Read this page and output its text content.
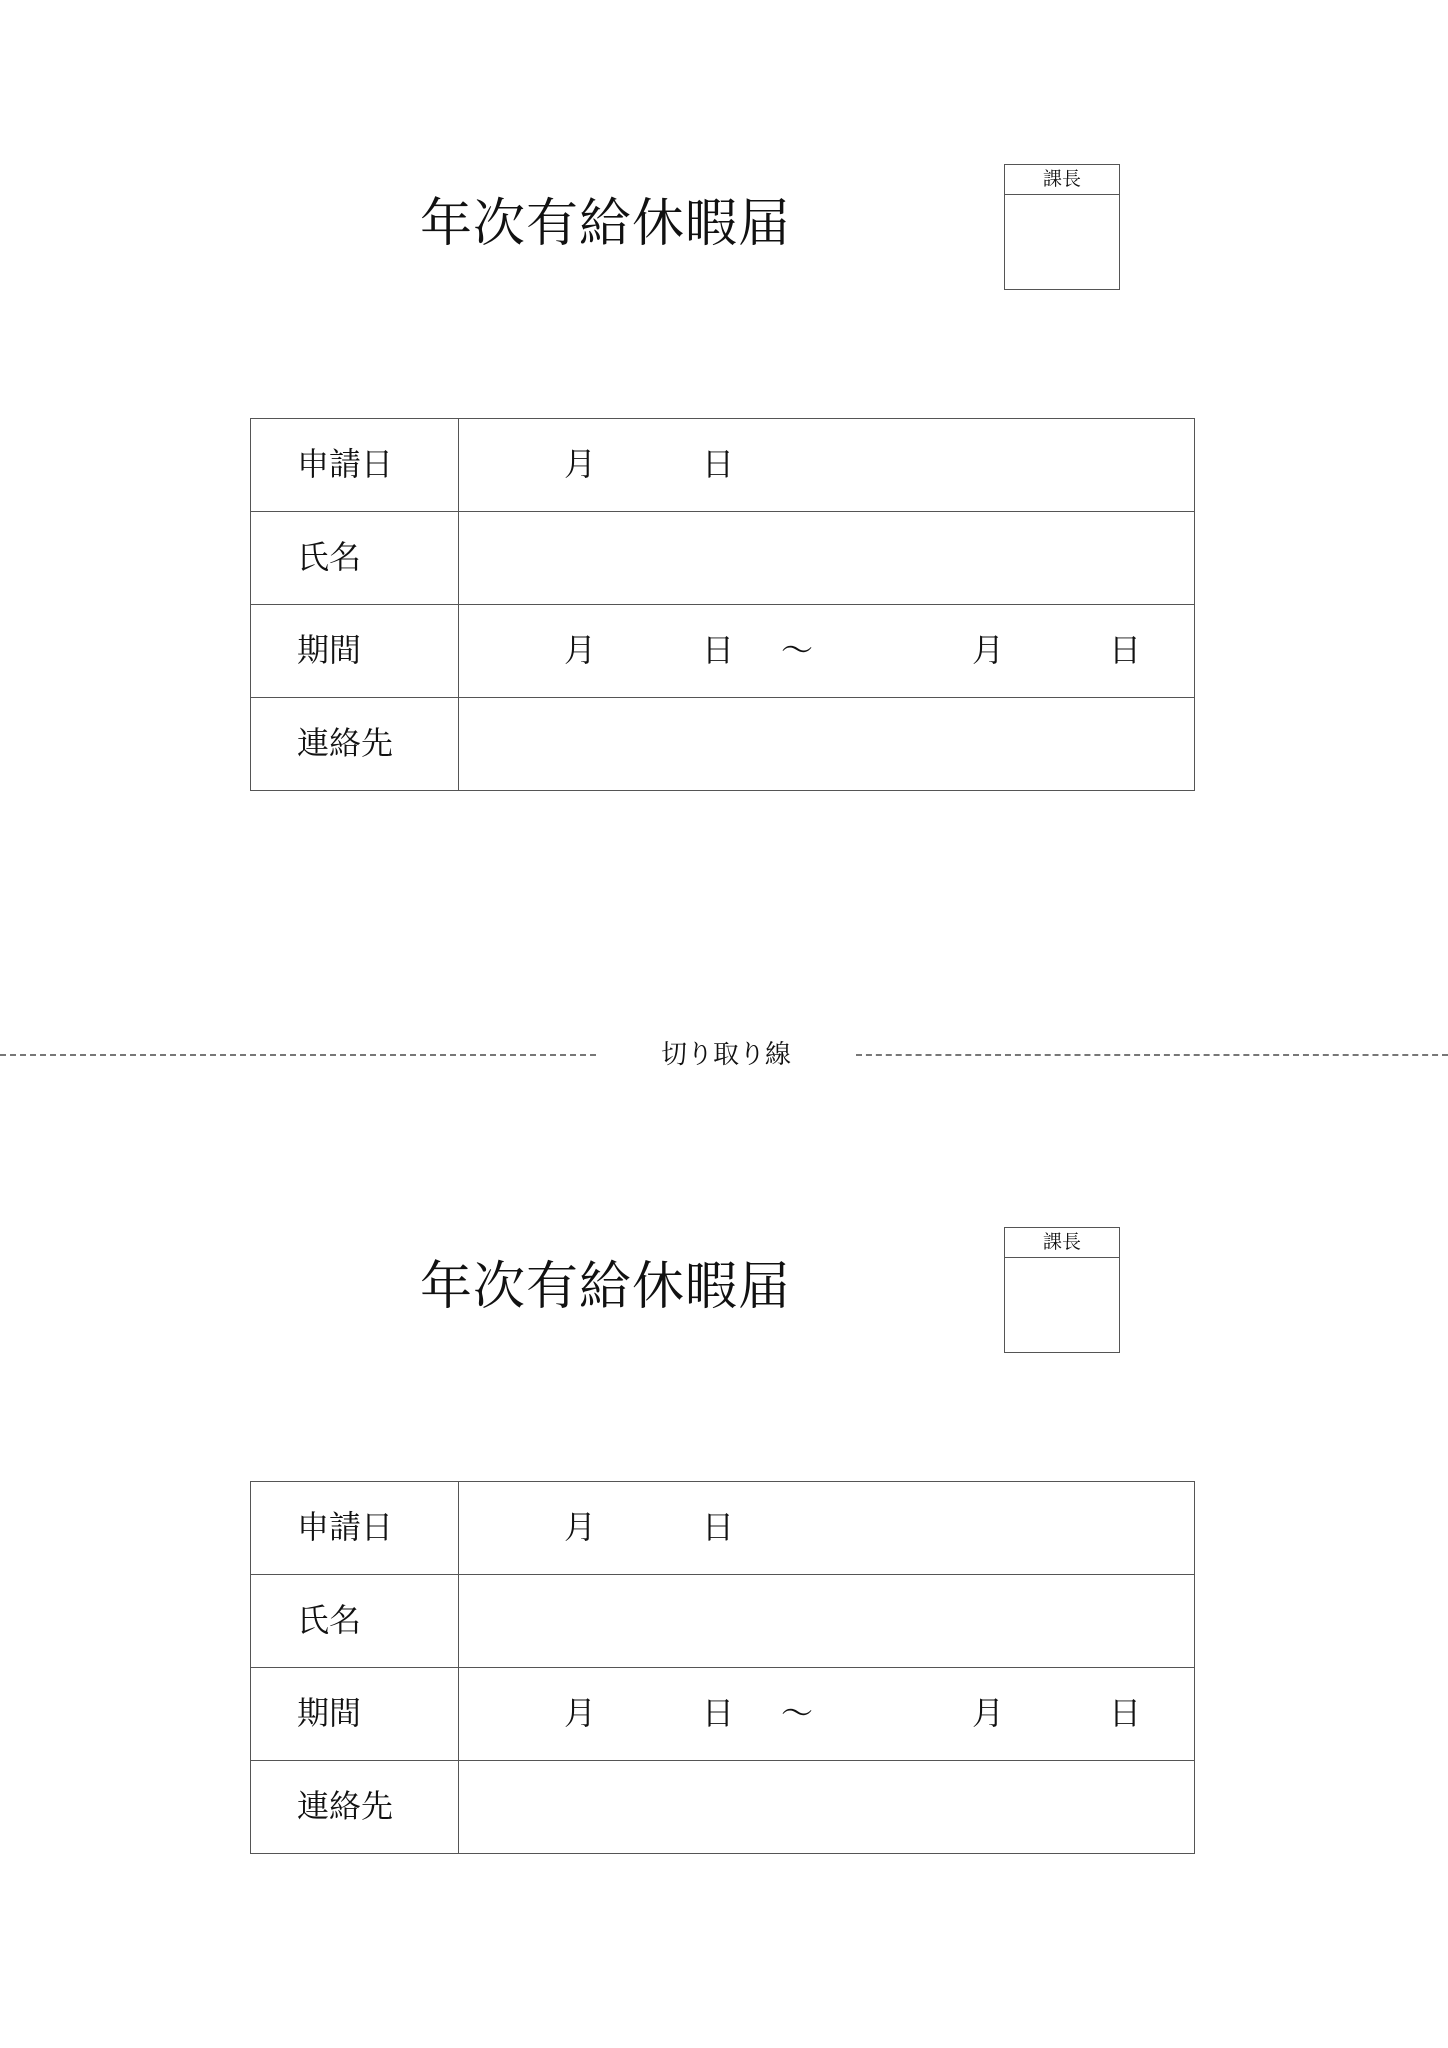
年次有給休暇届
課長
申請日	月	日
氏名
期間	月	日 ～	月	日
連絡先
切り取り線
年次有給休暇届
課長
申請日	月	日
氏名
期間	月	日 ～	月	日
連絡先
